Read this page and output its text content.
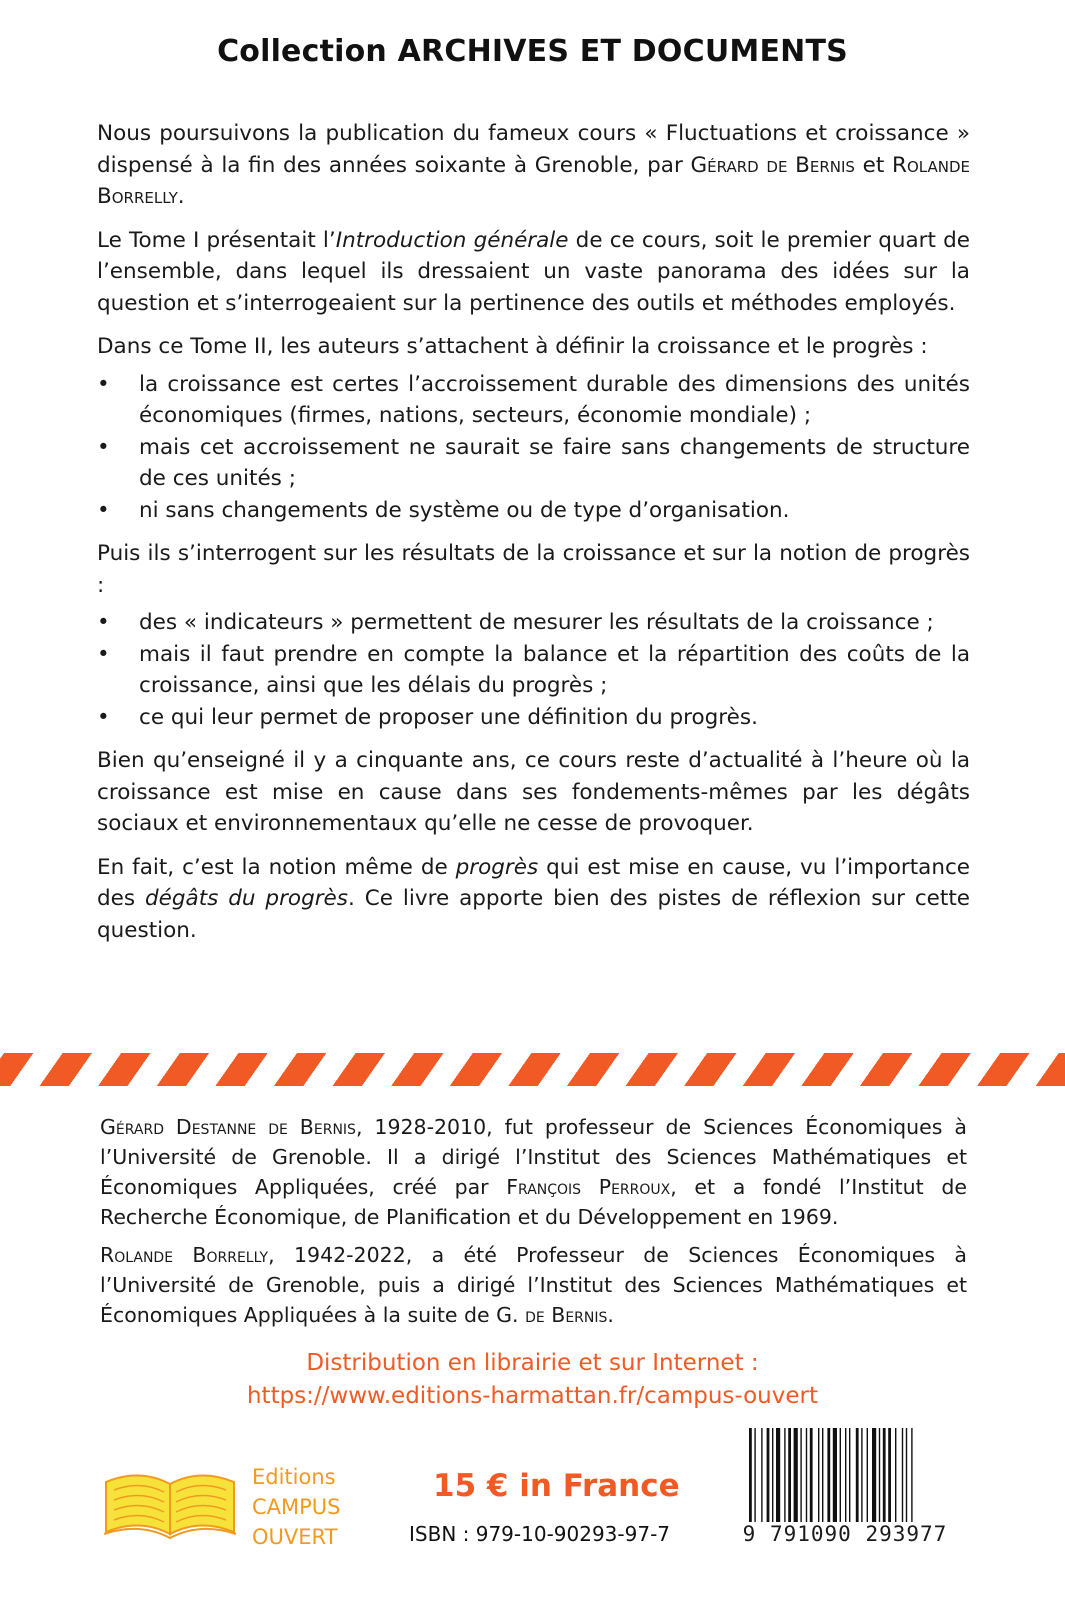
Collection ARCHIVES ET DOCUMENTS

Nous poursuivons la publication du fameux cours « Fluctuations et croissance » dispensé à la fin des années soixante à Grenoble, par Gérard de Bernis et Rolande Borrelly.

Le Tome I présentait l’Introduction générale de ce cours, soit le premier quart de l’ensemble, dans lequel ils dressaient un vaste panorama des idées sur la question et s’interrogeaient sur la pertinence des outils et méthodes employés.

Dans ce Tome II, les auteurs s’attachent à définir la croissance et le progrès :

• la croissance est certes l’accroissement durable des dimensions des unités économiques (firmes, nations, secteurs, économie mondiale) ;
• mais cet accroissement ne saurait se faire sans changements de structure de ces unités ;
• ni sans changements de système ou de type d’organisation.

Puis ils s’interrogent sur les résultats de la croissance et sur la notion de progrès :

• des « indicateurs » permettent de mesurer les résultats de la croissance ;
• mais il faut prendre en compte la balance et la répartition des coûts de la croissance, ainsi que les délais du progrès ;
• ce qui leur permet de proposer une définition du progrès.

Bien qu’enseigné il y a cinquante ans, ce cours reste d’actualité à l’heure où la croissance est mise en cause dans ses fondements-mêmes par les dégâts sociaux et environnementaux qu’elle ne cesse de provoquer.

En fait, c’est la notion même de progrès qui est mise en cause, vu l’importance des dégâts du progrès. Ce livre apporte bien des pistes de réflexion sur cette question.

Gérard Destanne de Bernis, 1928-2010, fut professeur de Sciences Économiques à l’Université de Grenoble. Il a dirigé l’Institut des Sciences Mathématiques et Économiques Appliquées, créé par François Perroux, et a fondé l’Institut de Recherche Économique, de Planification et du Développement en 1969.

Rolande Borrelly, 1942-2022, a été Professeur de Sciences Économiques à l’Université de Grenoble, puis a dirigé l’Institut des Sciences Mathématiques et Économiques Appliquées à la suite de G. de Bernis.

Distribution en librairie et sur Internet :
https://www.editions-harmattan.fr/campus-ouvert
Editions
CAMPUS
OUVERT
15 € in France
ISBN : 979-10-90293-97-7	9 791090 293977
